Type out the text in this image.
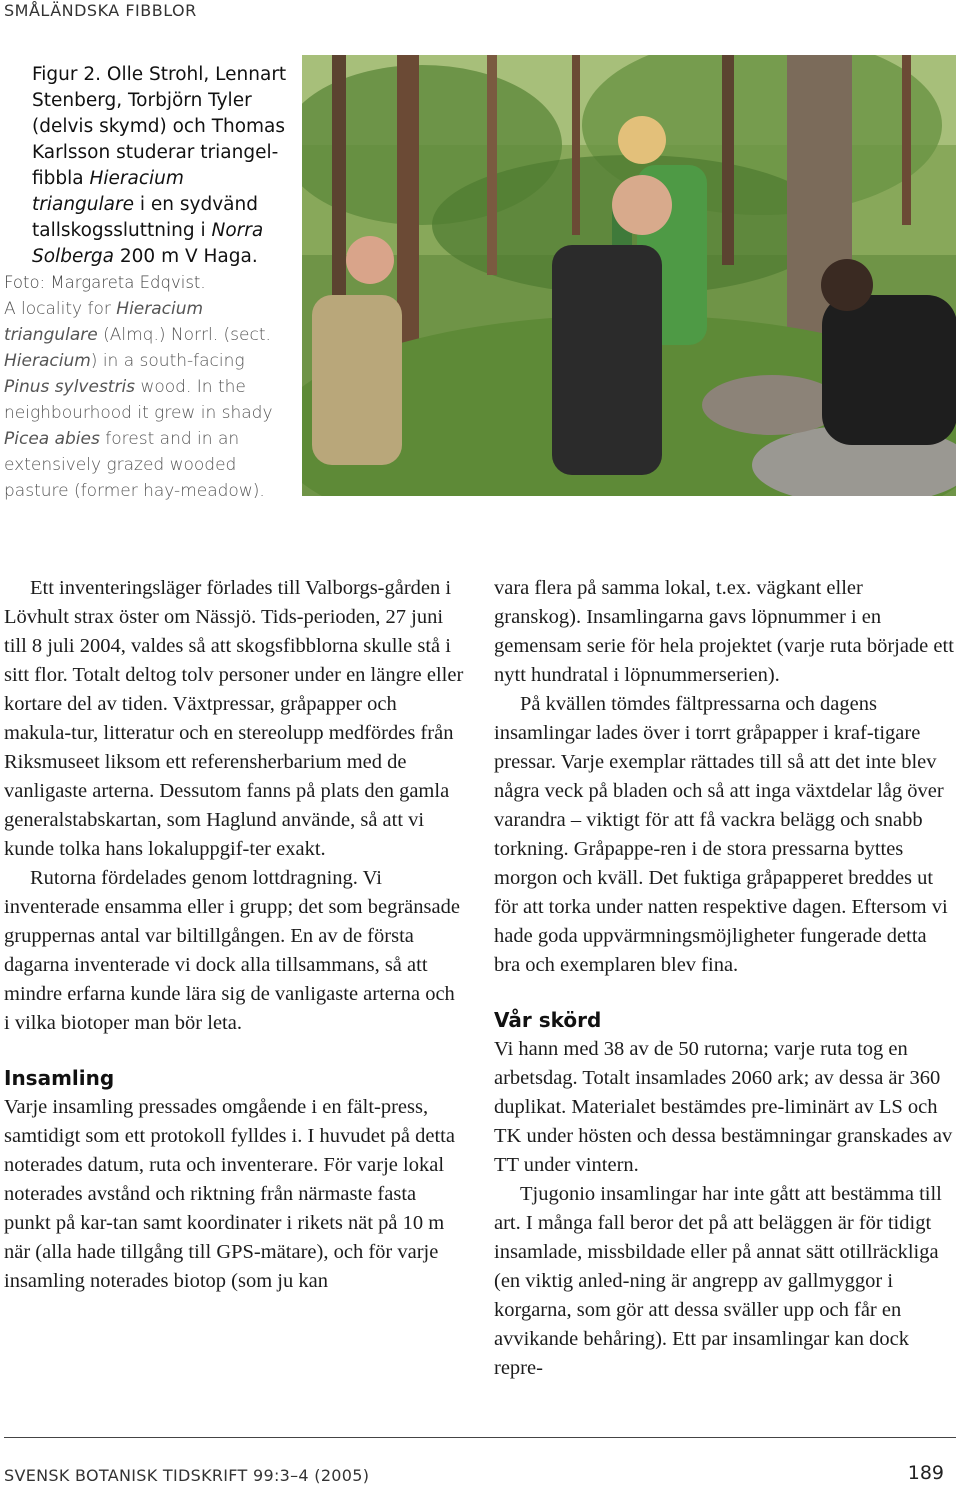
SMÅLÄNDSKA FIBBLOR

Figur 2. Olle Strohl, Lennart Stenberg, Torbjörn Tyler (delvis skymd) och Thomas Karlsson studerar triangel-fibbla Hieracium triangulare i en sydvänd tallskogssluttning i Norra Solberga 200 m V Haga.

Foto: Margareta Edqvist.

A locality for Hieracium triangulare (Almq.) Norrl. (sect. Hieracium) in a south-facing Pinus sylvestris wood. In the neighbourhood it grew in shady Picea abies forest and in an extensively grazed wooded pasture (former hay-meadow).

Ett inventeringsläger förlades till Valborgs-gården i Lövhult strax öster om Nässjö. Tids-perioden, 27 juni till 8 juli 2004, valdes så att skogsfibblorna skulle stå i sitt flor. Totalt deltog tolv personer under en längre eller kortare del av tiden. Växtpressar, gråpapper och makula-tur, litteratur och en stereolupp medfördes från Riksmuseet liksom ett referensherbarium med de vanligaste arterna. Dessutom fanns på plats den gamla generalstabskartan, som Haglund använde, så att vi kunde tolka hans lokaluppgif-ter exakt.

Rutorna fördelades genom lottdragning. Vi inventerade ensamma eller i grupp; det som begränsade gruppernas antal var biltillgången. En av de första dagarna inventerade vi dock alla tillsammans, så att mindre erfarna kunde lära sig de vanligaste arterna och i vilka biotoper man bör leta.

Insamling

Varje insamling pressades omgående i en fält-press, samtidigt som ett protokoll fylldes i. I huvudet på detta noterades datum, ruta och inventerare. För varje lokal noterades avstånd och riktning från närmaste fasta punkt på kar-tan samt koordinater i rikets nät på 10 m när (alla hade tillgång till GPS-mätare), och för varje insamling noterades biotop (som ju kan

vara flera på samma lokal, t.ex. vägkant eller granskog). Insamlingarna gavs löpnummer i en gemensam serie för hela projektet (varje ruta började ett nytt hundratal i löpnummerserien).

På kvällen tömdes fältpressarna och dagens insamlingar lades över i torrt gråpapper i kraf-tigare pressar. Varje exemplar rättades till så att det inte blev några veck på bladen och så att inga växtdelar låg över varandra – viktigt för att få vackra belägg och snabb torkning. Gråpappe-ren i de stora pressarna byttes morgon och kväll. Det fuktiga gråpapperet breddes ut för att torka under natten respektive dagen. Eftersom vi hade goda uppvärmningsmöjligheter fungerade detta bra och exemplaren blev fina.

Vår skörd

Vi hann med 38 av de 50 rutorna; varje ruta tog en arbetsdag. Totalt insamlades 2060 ark; av dessa är 360 duplikat. Materialet bestämdes pre-liminärt av LS och TK under hösten och dessa bestämningar granskades av TT under vintern.

Tjugonio insamlingar har inte gått att bestämma till art. I många fall beror det på att beläggen är för tidigt insamlade, missbildade eller på annat sätt otillräckliga (en viktig anled-ning är angrepp av gallmyggor i korgarna, som gör att dessa sväller upp och får en avvikande behåring). Ett par insamlingar kan dock repre-

SVENSK BOTANISK TIDSKRIFT 99:3–4 (2005)	189
